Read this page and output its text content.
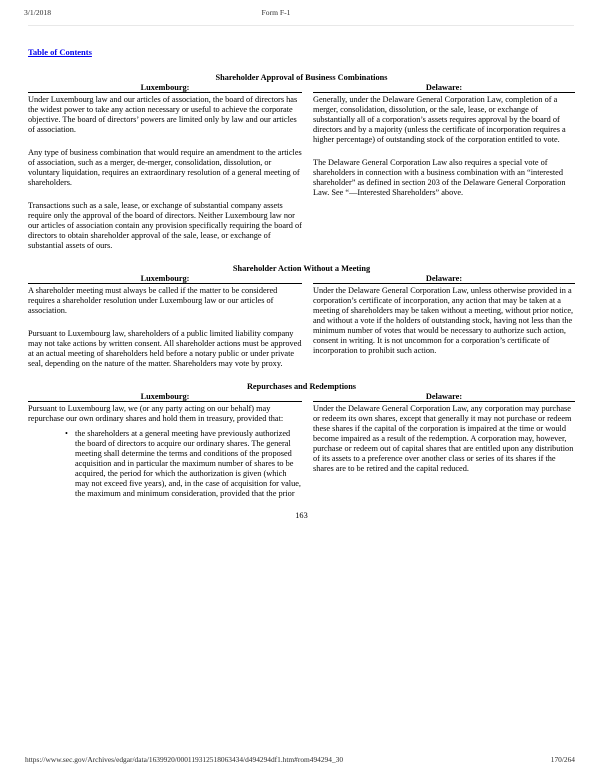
3/1/2018	Form F-1
Table of Contents
Shareholder Approval of Business Combinations
Luxembourg:

Under Luxembourg law and our articles of association, the board of directors has the widest power to take any action necessary or useful to achieve the corporate objective. The board of directors’ powers are limited only by law and our articles of association.

Any type of business combination that would require an amendment to the articles of association, such as a merger, de-merger, consolidation, dissolution, or voluntary liquidation, requires an extraordinary resolution of a general meeting of shareholders.

Transactions such as a sale, lease, or exchange of substantial company assets require only the approval of the board of directors. Neither Luxembourg law nor our articles of association contain any provision specifically requiring the board of directors to obtain shareholder approval of the sale, lease, or exchange of substantial assets of ours.

Delaware:

Generally, under the Delaware General Corporation Law, completion of a merger, consolidation, dissolution, or the sale, lease, or exchange of substantially all of a corporation’s assets requires approval by the board of directors and by a majority (unless the certificate of incorporation requires a higher percentage) of outstanding stock of the corporation entitled to vote.

The Delaware General Corporation Law also requires a special vote of shareholders in connection with a business combination with an “interested shareholder” as defined in section 203 of the Delaware General Corporation Law. See “—Interested Shareholders” above.

Shareholder Action Without a Meeting
Luxembourg:

A shareholder meeting must always be called if the matter to be considered requires a shareholder resolution under Luxembourg law or our articles of association.

Pursuant to Luxembourg law, shareholders of a public limited liability company may not take actions by written consent. All shareholder actions must be approved at an actual meeting of shareholders held before a notary public or under private seal, depending on the nature of the matter. Shareholders may vote by proxy.

Delaware:

Under the Delaware General Corporation Law, unless otherwise provided in a corporation’s certificate of incorporation, any action that may be taken at a meeting of shareholders may be taken without a meeting, without prior notice, and without a vote if the holders of outstanding stock, having not less than the minimum number of votes that would be necessary to authorize such action, consent in writing. It is not uncommon for a corporation’s certificate of incorporation to prohibit such action.

Repurchases and Redemptions
Luxembourg:

Pursuant to Luxembourg law, we (or any party acting on our behalf) may repurchase our own ordinary shares and hold them in treasury, provided that:

• the shareholders at a general meeting have previously authorized the board of directors to acquire our ordinary shares. The general meeting shall determine the terms and conditions of the proposed acquisition and in particular the maximum number of shares to be acquired, the period for which the authorization is given (which may not exceed five years), and, in the case of acquisition for value, the maximum and minimum consideration, provided that the prior
Delaware:

Under the Delaware General Corporation Law, any corporation may purchase or redeem its own shares, except that generally it may not purchase or redeem these shares if the capital of the corporation is impaired at the time or would become impaired as a result of the redemption. A corporation may, however, purchase or redeem out of capital shares that are entitled upon any distribution of its assets to a preference over another class or series of its shares if the shares are to be retired and the capital reduced.

163
https://www.sec.gov/Archives/edgar/data/1639920/000119312518063434/d494294df1.htm#rom494294_30	170/264
